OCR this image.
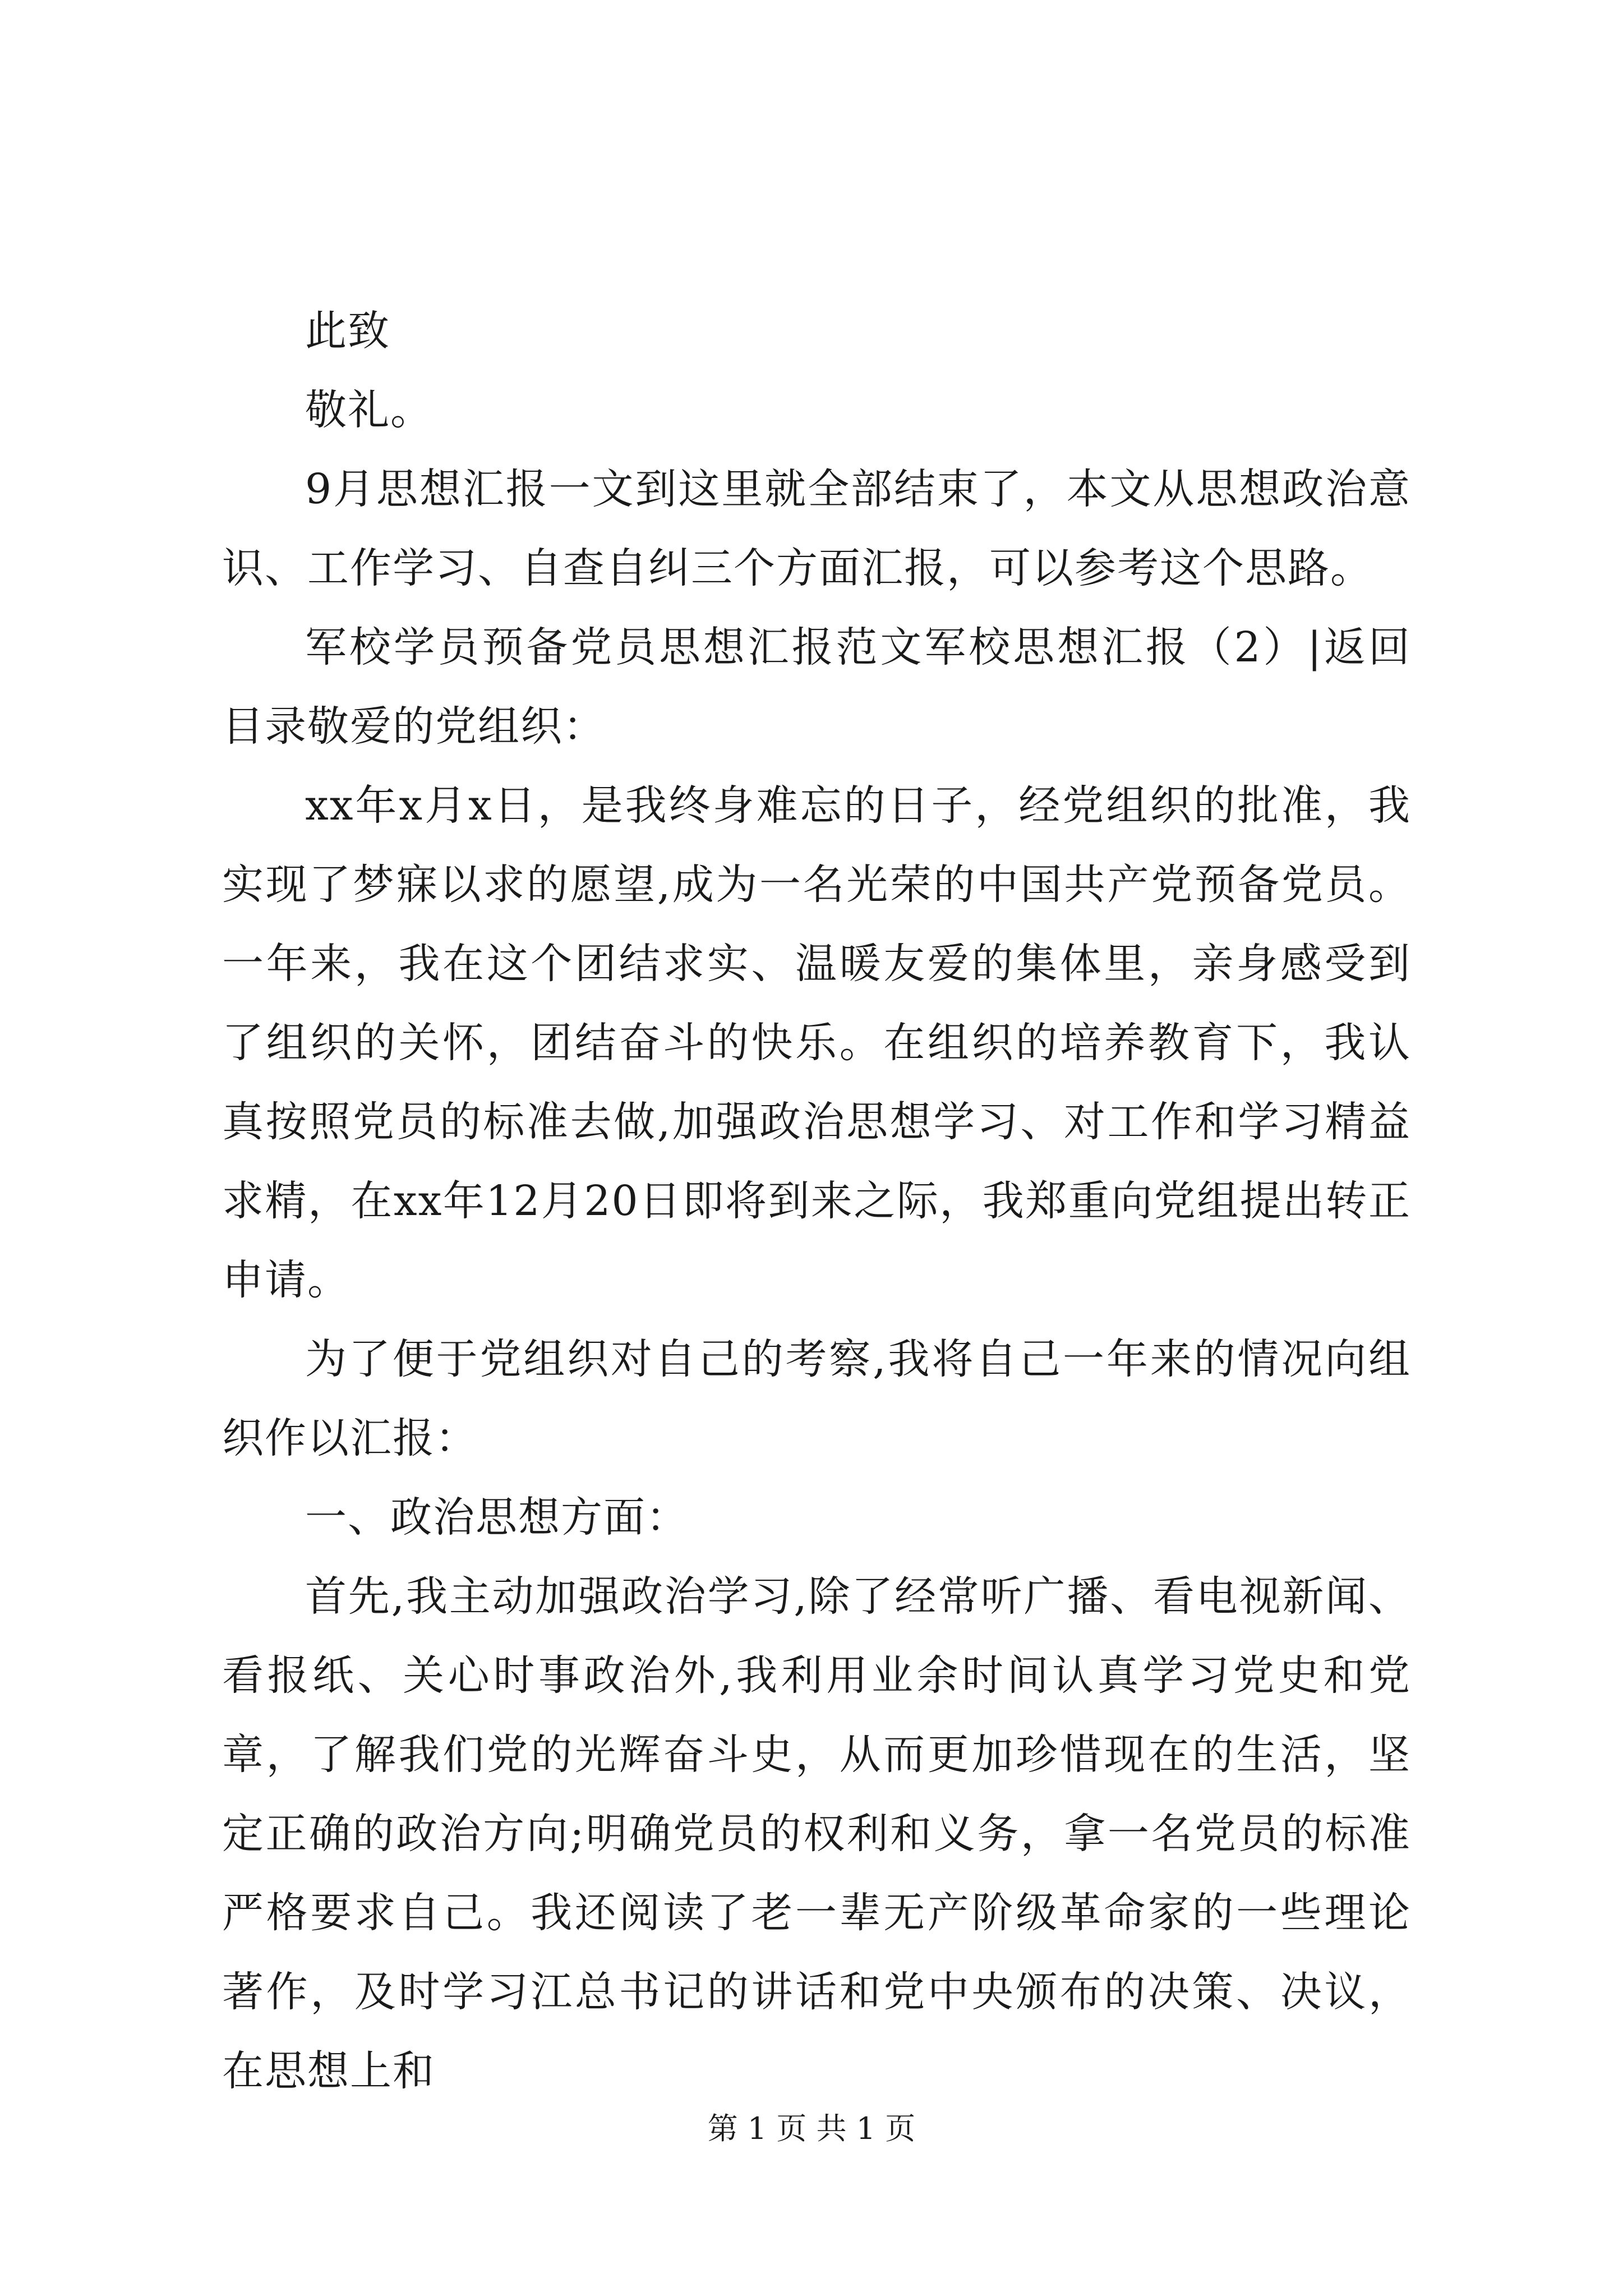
此致

敬礼。

9月思想汇报一文到这里就全部结束了，本文从思想政治意识、工作学习、自查自纠三个方面汇报，可以参考这个思路。

军校学员预备党员思想汇报范文军校思想汇报（2）|返回目录敬爱的党组织：

xx年x月x日，是我终身难忘的日子，经党组织的批准，我实现了梦寐以求的愿望,成为一名光荣的中国共产党预备党员。一年来，我在这个团结求实、温暖友爱的集体里，亲身感受到了组织的关怀，团结奋斗的快乐。在组织的培养教育下，我认真按照党员的标准去做,加强政治思想学习、对工作和学习精益求精，在xx年12月20日即将到来之际，我郑重向党组提出转正申请。

为了便于党组织对自己的考察,我将自己一年来的情况向组织作以汇报：

一、政治思想方面：

首先,我主动加强政治学习,除了经常听广播、看电视新闻、看报纸、关心时事政治外,我利用业余时间认真学习党史和党章，了解我们党的光辉奋斗史，从而更加珍惜现在的生活，坚定正确的政治方向;明确党员的权利和义务，拿一名党员的标准严格要求自己。我还阅读了老一辈无产阶级革命家的一些理论著作，及时学习江总书记的讲话和党中央颁布的决策、决议，在思想上和

第 1 页 共 1 页
